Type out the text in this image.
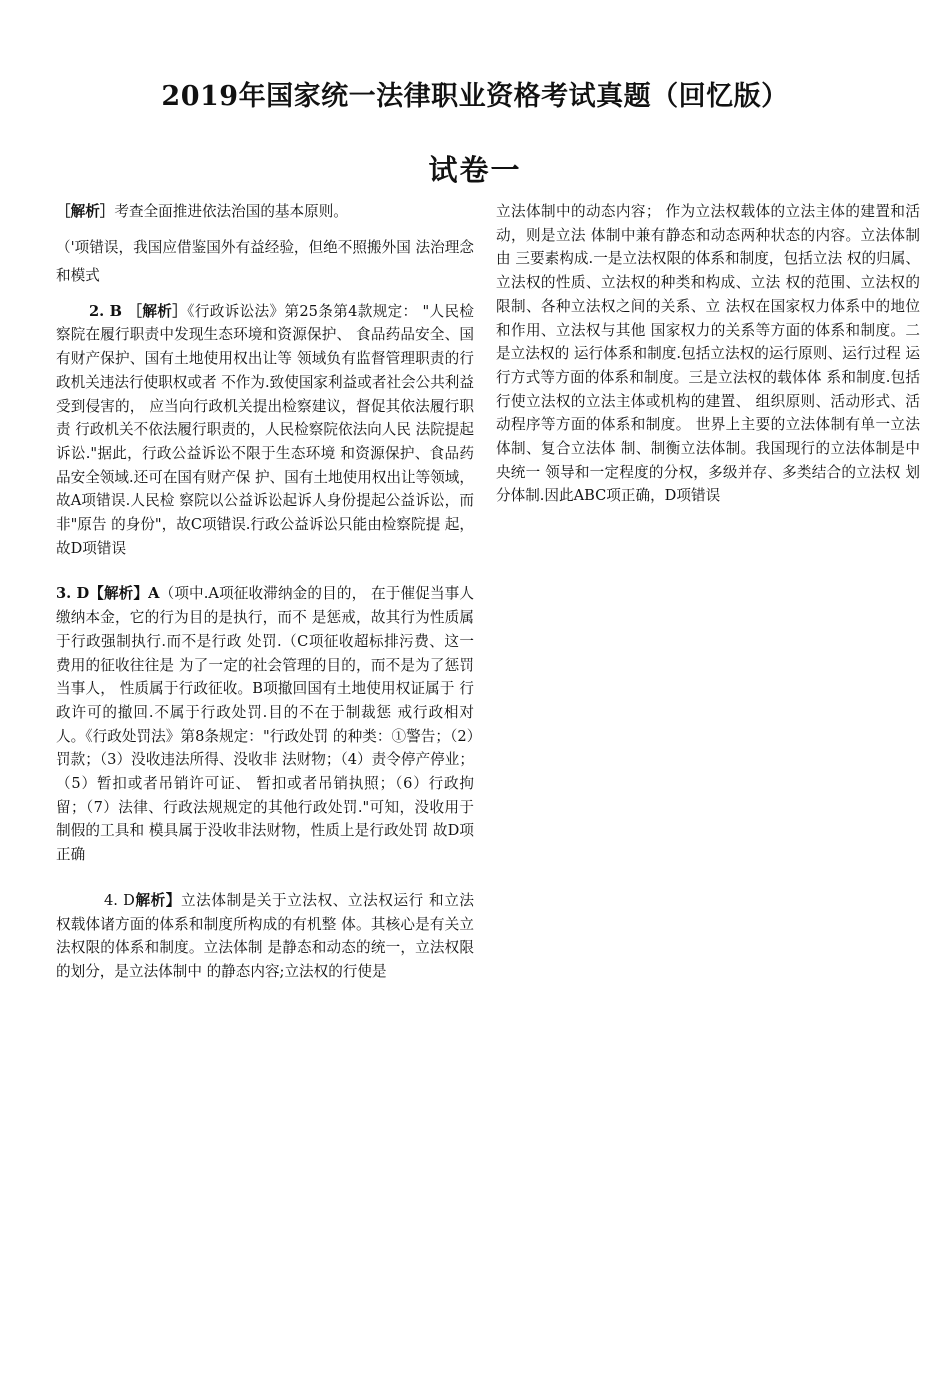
2019年国家统一法律职业资格考试真题（回忆版）
试卷一

［解析］考查全面推进依法治国的基本原则。

（'项错误，我国应借鉴国外有益经验，但绝不照搬外国 法治理念和模式

2. B ［解析］《行政诉讼法》第25条第4款规定： "人民检察院在履行职责中发现生态环境和资源保护、 食品药品安全、国有财产保护、国有土地使用权出让等 领域负有监督管理职责的行政机关违法行使职权或者 不作为.致使国家利益或者社会公共利益受到侵害的， 应当向行政机关提出检察建议，督促其依法履行职责 行政机关不依法履行职责的，人民检察院依法向人民 法院提起诉讼."据此，行政公益诉讼不限于生态环境 和资源保护、食品药品安全领域.还可在国有财产保 护、国有土地使用权出让等领域，故A项错误.人民检 察院以公益诉讼起诉人身份提起公益诉讼，而非"原告 的身份"，故C项错误.行政公益诉讼只能由检察院提 起，故D项错误

3. D【解析】A（项中.A项征收滞纳金的目的， 在于催促当事人缴纳本金，它的行为目的是执行，而不 是惩戒，故其行为性质属于行政强制执行.而不是行政 处罚.（C项征收超标排污费、这一费用的征收往往是 为了一定的社会管理的目的，而不是为了惩罚当事人， 性质属于行政征收。B项撤回国有土地使用权证属于 行政许可的撤回.不属于行政处罚.目的不在于制裁惩 戒行政相对人。《行政处罚法》第8条规定："行政处罚 的种类：①警告；（2）罚款；（3）没收违法所得、没收非 法财物；（4）责令停产停业；（5）暂扣或者吊销许可证、 暂扣或者吊销执照；（6）行政拘留；（7）法律、行政法规规定的其他行政处罚."可知，没收用于制假的工具和 模具属于没收非法财物，性质上是行政处罚 故D项正确

4. D解析】立法体制是关于立法权、立法权运行 和立法权载体诸方面的体系和制度所构成的有机整 体。其核心是有关立法权限的体系和制度。立法体制 是静态和动态的统一，立法权限的划分，是立法体制中 的静态内容;立法权的行使是

立法体制中的动态内容； 作为立法权载体的立法主体的建置和活动，则是立法 体制中兼有静态和动态两种状态的内容。立法体制由 三要素构成.一是立法权限的体系和制度，包括立法 权的归属、立法权的性质、立法权的种类和构成、立法 权的范围、立法权的限制、各种立法权之间的关系、立 法权在国家权力体系中的地位和作用、立法权与其他 国家权力的关系等方面的体系和制度。二是立法权的 运行体系和制度.包括立法权的运行原则、运行过程 运行方式等方面的体系和制度。三是立法权的载体体 系和制度.包括行使立法权的立法主体或机构的建置、 组织原则、活动形式、活动程序等方面的体系和制度。 世界上主要的立法体制有单一立法体制、复合立法体 制、制衡立法体制。我国现行的立法体制是中央统一 领导和一定程度的分权，多级并存、多类结合的立法权 划分体制.因此ABC项正确，D项错误
